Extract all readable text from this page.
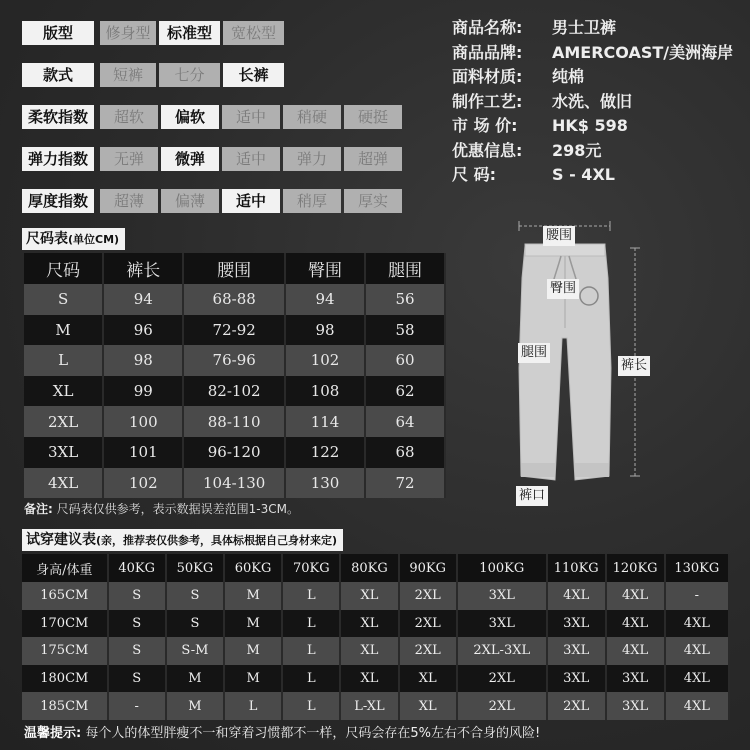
版型	修身型	标准型	宽松型
款式	短裤	七分	长裤
柔软指数	超软	偏软	适中	稍硬	硬挺
弹力指数	无弹	微弹	适中	弹力	超弹
厚度指数	超薄	偏薄	适中	稍厚	厚实
商品名称: 男士卫裤
商品品牌: AMERCOAST/美洲海岸
面料材质: 纯棉
制作工艺: 水洗、做旧
市 场 价: HK$ 598
优惠信息: 298元
尺 码:	S - 4XL
尺码表(单位CM)
尺码	裤长	腰围	臀围	腿围
S	94	68-88	94	56
M	96	72-92	98	58
L	98	76-96	102	60
XL	99	82-102	108	62
2XL	100	88-110	114	64
3XL	101	96-120	122	68
4XL	102	104-130	130	72
备注: 尺码表仅供参考，表示数据误差范围1-3CM。
试穿建议表(亲，推荐表仅供参考，具体标根据自己身材来定)
身高/体重	40KG	50KG	60KG	70KG	80KG	90KG	100KG	110KG	120KG	130KG
165CM	S	S	M	L	XL	2XL	3XL	4XL	4XL	-
170CM	S	S	M	L	XL	2XL	3XL	3XL	4XL	4XL
175CM	S	S-M	M	L	XL	2XL	2XL-3XL	3XL	4XL	4XL
180CM	S	M	M	L	XL	XL	2XL	3XL	3XL	4XL
185CM	-	M	L	L	L-XL	XL	2XL	2XL	3XL	4XL
温馨提示: 每个人的体型胖瘦不一和穿着习惯都不一样，尺码会存在5%左右不合身的风险!
腰围
臀围
腿围
裤长
裤口
